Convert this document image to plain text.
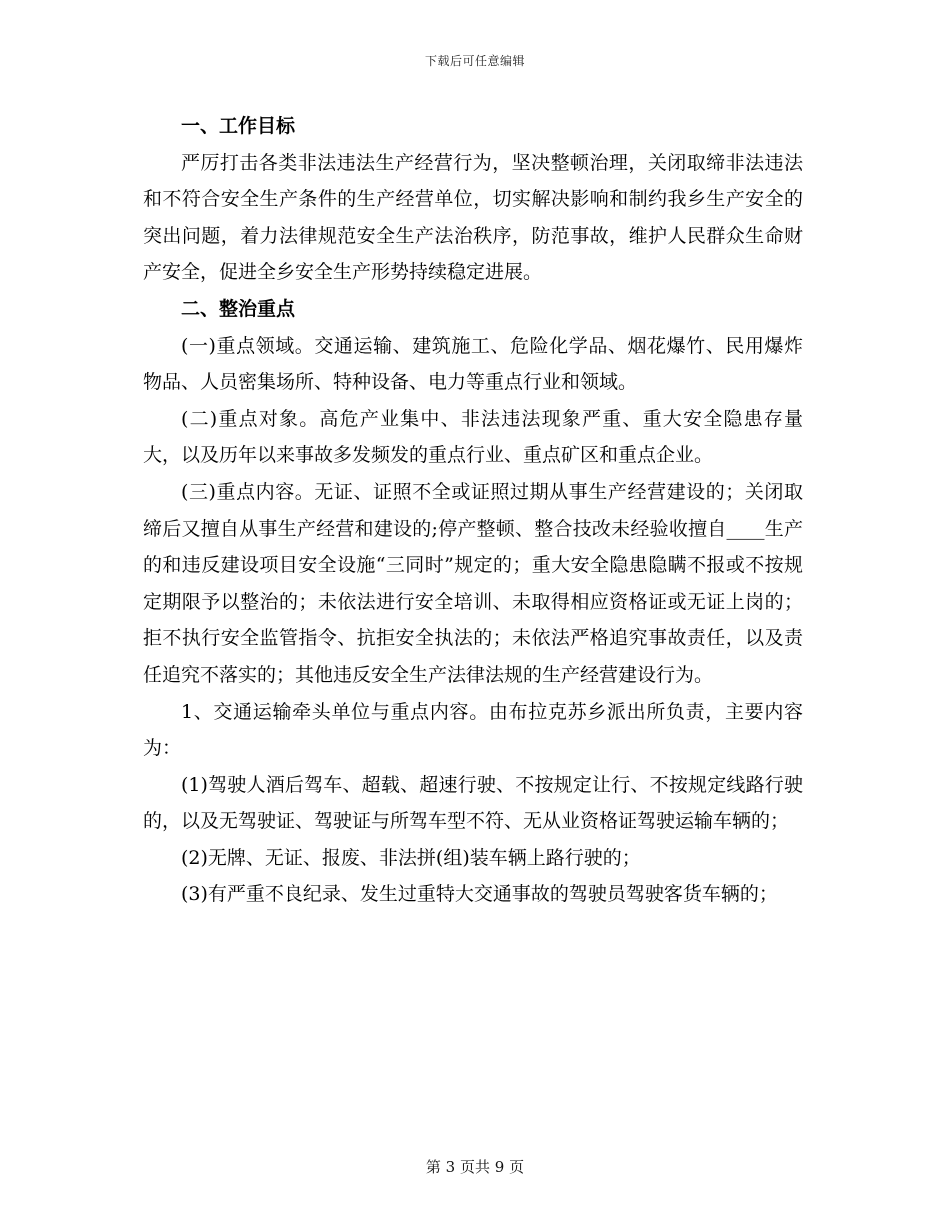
下载后可任意编辑

一、工作目标

严厉打击各类非法违法生产经营行为，坚决整顿治理，关闭取缔非法违法和不符合安全生产条件的生产经营单位，切实解决影响和制约我乡生产安全的突出问题，着力法律规范安全生产法治秩序，防范事故，维护人民群众生命财产安全，促进全乡安全生产形势持续稳定进展。

二、整治重点

(一)重点领域。交通运输、建筑施工、危险化学品、烟花爆竹、民用爆炸物品、人员密集场所、特种设备、电力等重点行业和领域。

(二)重点对象。高危产业集中、非法违法现象严重、重大安全隐患存量大，以及历年以来事故多发频发的重点行业、重点矿区和重点企业。

(三)重点内容。无证、证照不全或证照过期从事生产经营建设的；关闭取缔后又擅自从事生产经营和建设的;停产整顿、整合技改未经验收擅自____生产的和违反建设项目安全设施“三同时”规定的；重大安全隐患隐瞒不报或不按规定期限予以整治的；未依法进行安全培训、未取得相应资格证或无证上岗的；拒不执行安全监管指令、抗拒安全执法的；未依法严格追究事故责任，以及责任追究不落实的；其他违反安全生产法律法规的生产经营建设行为。

1、交通运输牵头单位与重点内容。由布拉克苏乡派出所负责，主要内容为：

(1)驾驶人酒后驾车、超载、超速行驶、不按规定让行、不按规定线路行驶的，以及无驾驶证、驾驶证与所驾车型不符、无从业资格证驾驶运输车辆的；

(2)无牌、无证、报废、非法拼(组)装车辆上路行驶的；

(3)有严重不良纪录、发生过重特大交通事故的驾驶员驾驶客货车辆的；

第 3 页共 9 页
